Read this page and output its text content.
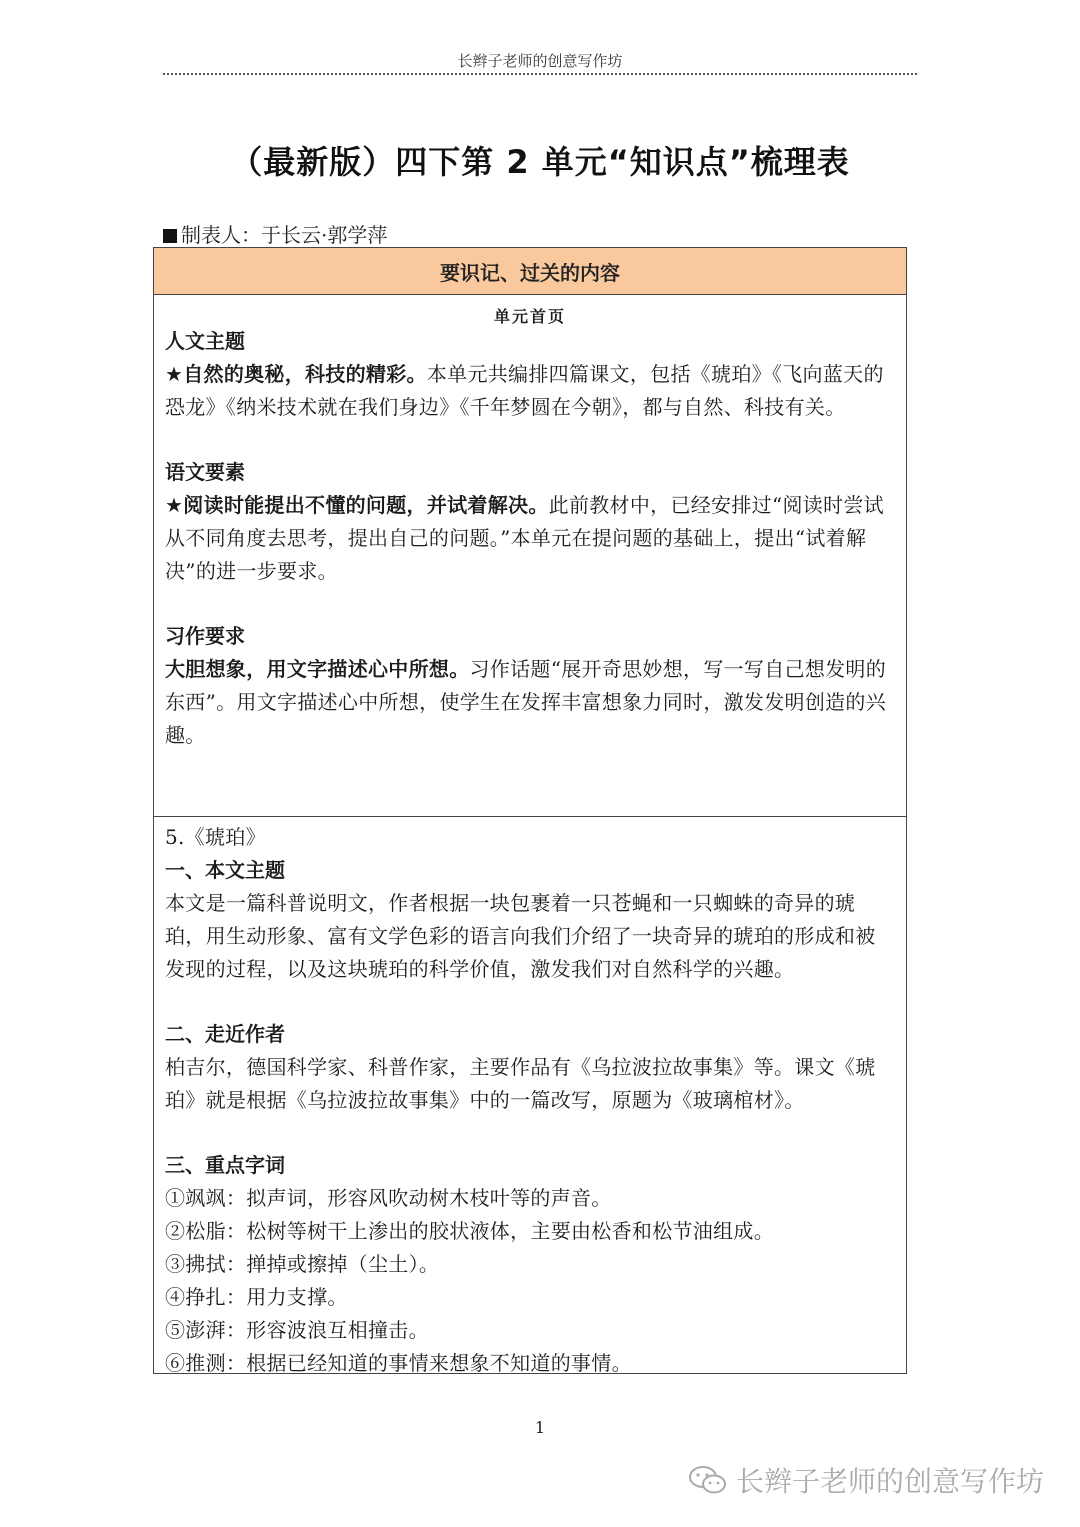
长辫子老师的创意写作坊
（最新版）四下第 2 单元“知识点”梳理表
制表人：于长云·郭学萍
要识记、过关的内容
单元首页
人文主题
★自然的奥秘，科技的精彩。本单元共编排四篇课文，包括《琥珀》《飞向蓝天的恐龙》《纳米技术就在我们身边》《千年梦圆在今朝》，都与自然、科技有关。
语文要素
★阅读时能提出不懂的问题，并试着解决。此前教材中，已经安排过“阅读时尝试从不同角度去思考，提出自己的问题。”本单元在提问题的基础上，提出“试着解决”的进一步要求。
习作要求
大胆想象，用文字描述心中所想。习作话题“展开奇思妙想，写一写自己想发明的东西”。用文字描述心中所想，使学生在发挥丰富想象力同时，激发发明创造的兴趣。
5.《琥珀》
一、本文主题
本文是一篇科普说明文，作者根据一块包裹着一只苍蝇和一只蜘蛛的奇异的琥珀，用生动形象、富有文学色彩的语言向我们介绍了一块奇异的琥珀的形成和被发现的过程，以及这块琥珀的科学价值，激发我们对自然科学的兴趣。
二、走近作者
柏吉尔，德国科学家、科普作家，主要作品有《乌拉波拉故事集》等。课文《琥珀》就是根据《乌拉波拉故事集》中的一篇改写，原题为《玻璃棺材》。
三、重点字词
①飒飒：拟声词，形容风吹动树木枝叶等的声音。
②松脂：松树等树干上渗出的胶状液体，主要由松香和松节油组成。
③拂拭：掸掉或擦掉（尘土）。
④挣扎：用力支撑。
⑤澎湃：形容波浪互相撞击。
⑥推测：根据已经知道的事情来想象不知道的事情。
1
长辫子老师的创意写作坊
